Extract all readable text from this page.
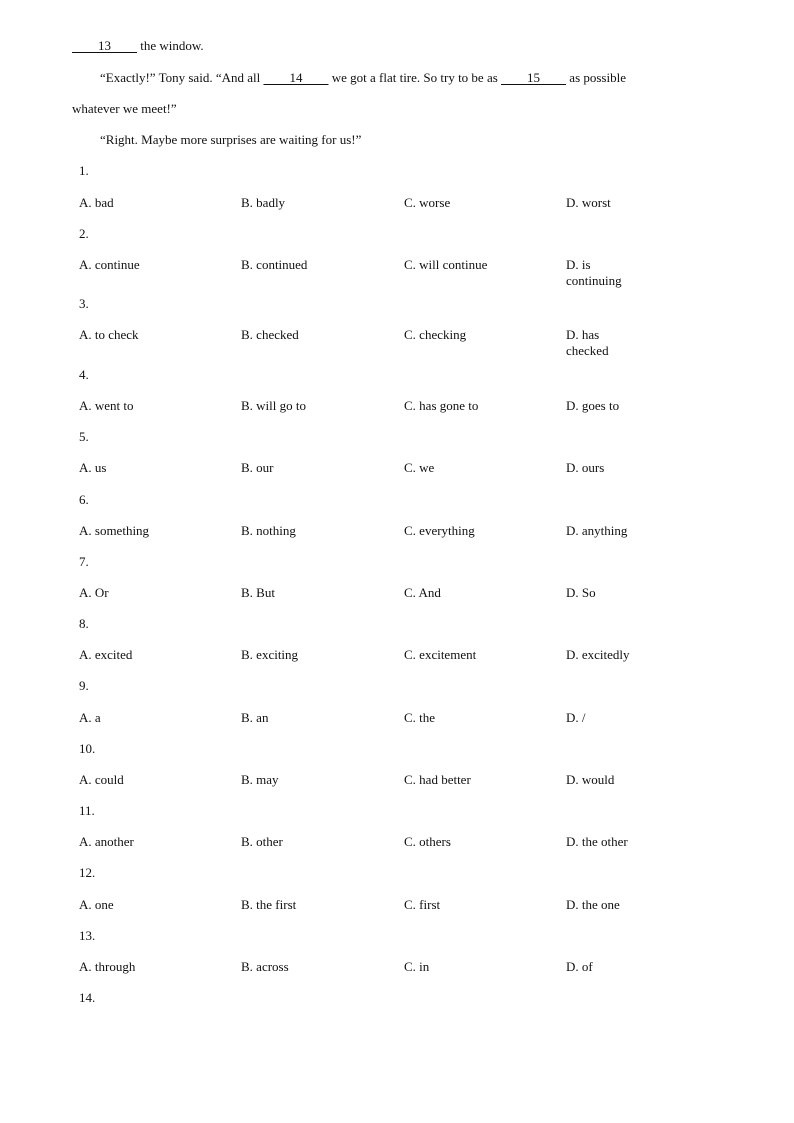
13         the window.
“Exactly!” Tony said. “And all         14         we got a flat tire. So try to be as         15         as possible
whatever we meet!”
“Right. Maybe more surprises are waiting for us!”
1.
A. bad	B. badly	C. worse	D. worst
2.
A. continue	B. continued	C. will continue	D. is continuing
3.
A. to check	B. checked	C. checking	D. has checked
4.
A. went to	B. will go to	C. has gone to	D. goes to
5.
A. us	B. our	C. we	D. ours
6.
A. something	B. nothing	C. everything	D. anything
7.
A. Or	B. But	C. And	D. So
8.
A. excited	B. exciting	C. excitement	D. excitedly
9.
A. a	B. an	C. the	D. /
10.
A. could	B. may	C. had better	D. would
11.
A. another	B. other	C. others	D. the other
12.
A. one	B. the first	C. first	D. the one
13.
A. through	B. across	C. in	D. of
14.
